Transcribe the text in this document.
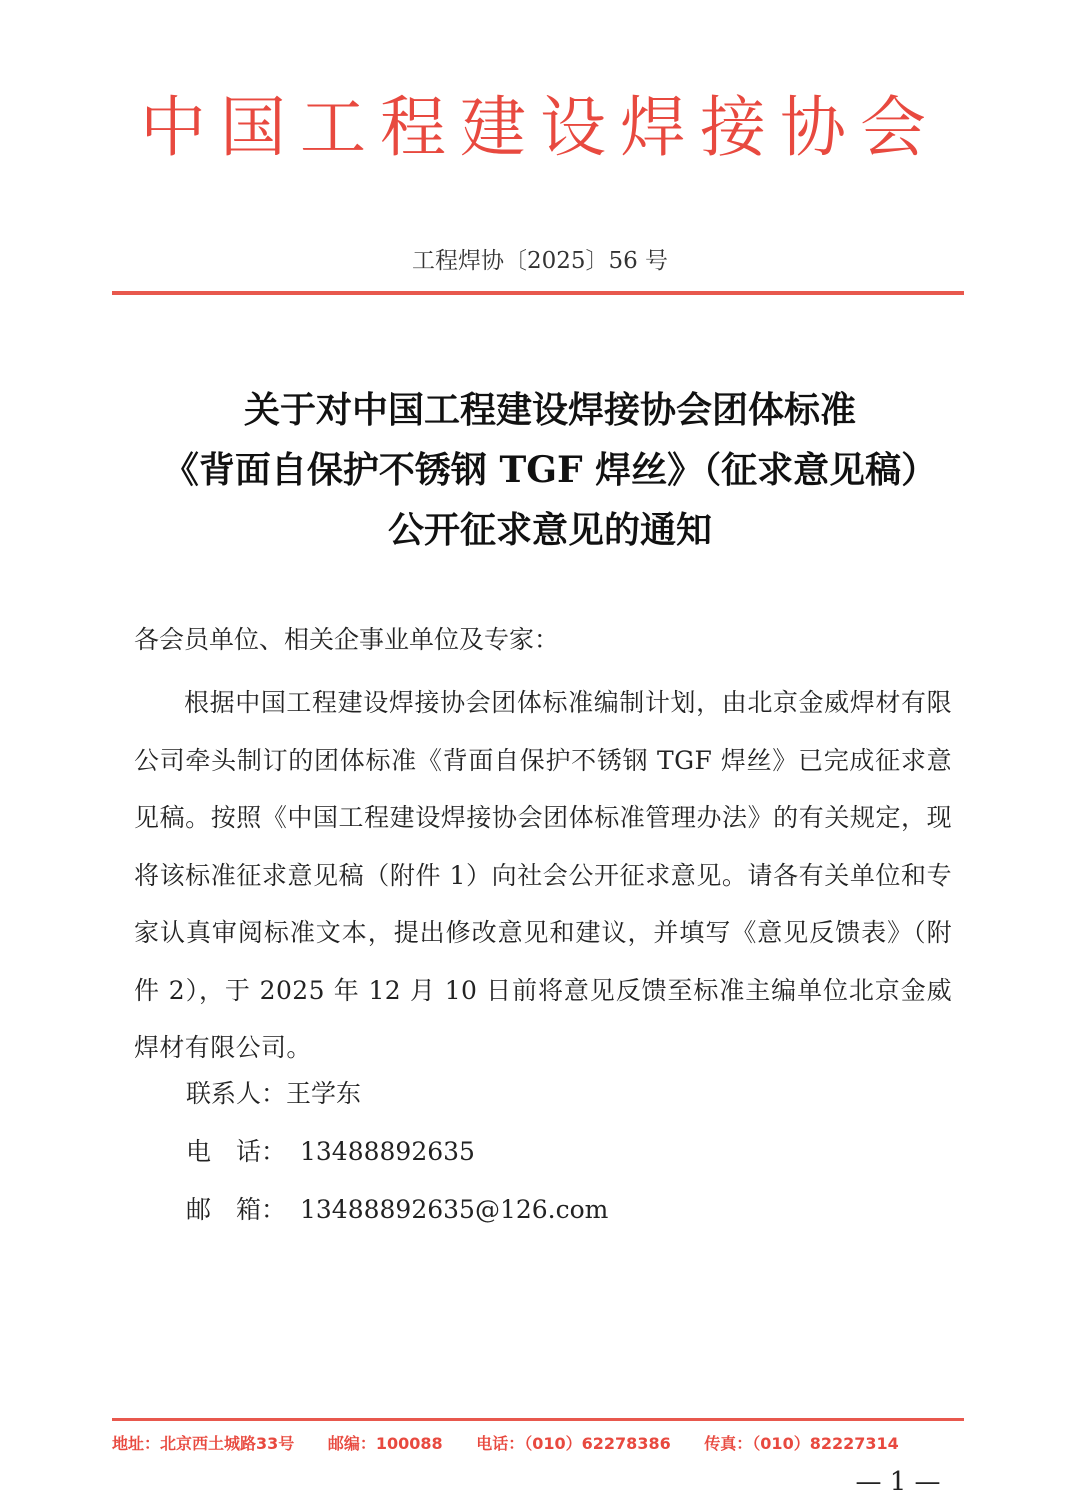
中国工程建设焊接协会
工程焊协〔2025〕56 号
关于对中国工程建设焊接协会团体标准
《背面自保护不锈钢 TGF 焊丝》（征求意见稿）
公开征求意见的通知
各会员单位、相关企事业单位及专家：

根据中国工程建设焊接协会团体标准编制计划，由北京金威焊材有限公司牵头制订的团体标准《背面自保护不锈钢 TGF 焊丝》已完成征求意见稿。按照《中国工程建设焊接协会团体标准管理办法》的有关规定，现将该标准征求意见稿（附件 1）向社会公开征求意见。请各有关单位和专家认真审阅标准文本，提出修改意见和建议，并填写《意见反馈表》（附件 2），于 2025 年 12 月 10 日前将意见反馈至标准主编单位北京金威焊材有限公司。

联系人：王学东
电　话： 13488892635
邮　箱： 13488892635@126.com
地址：北京西土城路33号 邮编：100088 电话：（010）62278386 传真：（010）82227314
— 1 —
